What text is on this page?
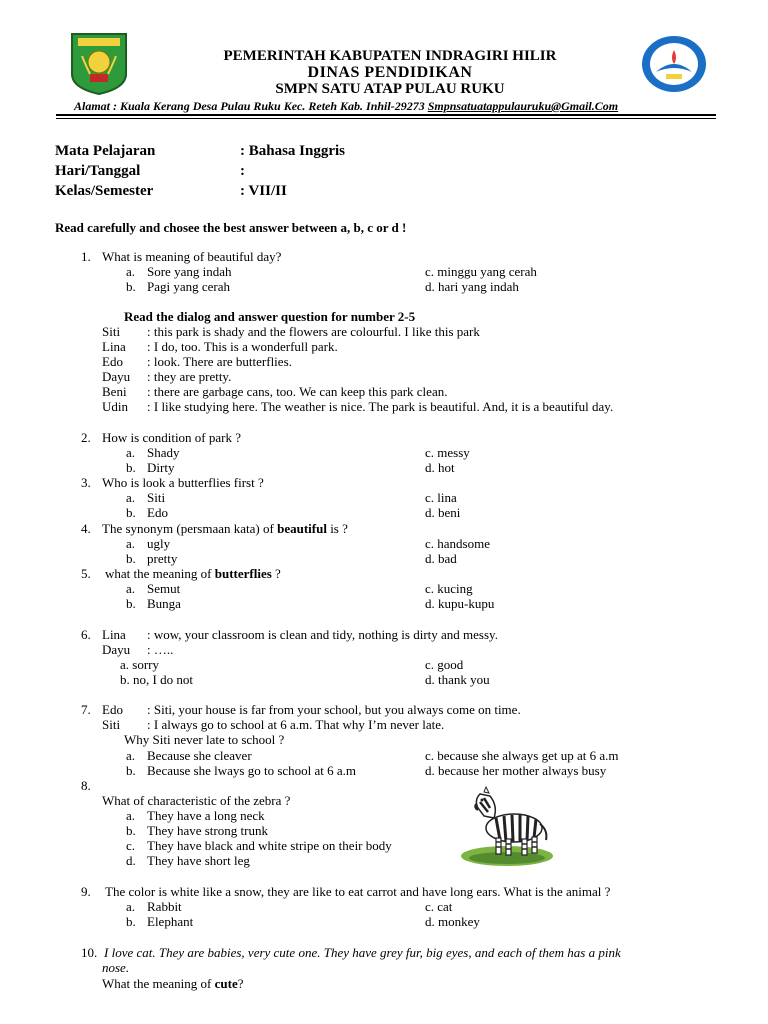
PEMERINTAH KABUPATEN INDRAGIRI HILIR
DINAS PENDIDIKAN
SMPN SATU ATAP PULAU RUKU
Alamat : Kuala Kerang Desa Pulau Ruku Kec. Reteh Kab. Inhil-29273 Smpnsatuatappulauruku@Gmail.Com
Mata Pelajaran	: Bahasa Inggris
Hari/Tanggal	:
Kelas/Semester	: VII/II
Read carefully and chosee the best answer between a, b, c or d !
1. What is meaning of beautiful day?
a. Sore yang indah
b. Pagi yang cerah
c. minggu yang cerah
d. hari yang indah
Read the dialog and answer question for number 2-5
Siti : this park is shady and the flowers are colourful. I like this park
Lina : I do, too. This is a wonderfull park.
Edo : look. There are butterflies.
Dayu : they are pretty.
Beni : there are garbage cans, too. We can keep this park clean.
Udin : I like studying here. The weather is nice. The park is beautiful. And, it is a beautiful day.
2. How is condition of park ?
a. Shady
b. Dirty
c. messy
d. hot
3. Who is look a butterflies first ?
a. Siti
b. Edo
c. lina
d. beni
4. The synonym (persmaan kata) of beautiful is ?
a. ugly
b. pretty
c. handsome
d. bad
5. what the meaning of butterflies ?
a. Semut
b. Bunga
c. kucing
d. kupu-kupu
6. Lina : wow, your classroom is clean and tidy, nothing is dirty and messy.
Dayu : …..
a. sorry
b. no, I do not
c. good
d. thank you
7. Edo : Siti, your house is far from your school, but you always come on time.
Siti : I always go to school at 6 a.m. That why I’m never late.
Why Siti never late to school ?
a. Because she cleaver
b. Because she lways go to school at 6 a.m
c. because she always get up at 6 a.m
d. because her mother always busy
8.
What of characteristic of the zebra ?
a. They have a long neck
b. They have strong trunk
c. They have black and white stripe on their body
d. They have short leg
9. The color is white like a snow, they are like to eat carrot and have long ears. What is the animal ?
a. Rabbit
b. Elephant
c. cat
d. monkey
10. I love cat. They are babies, very cute one. They have grey fur, big eyes, and each of them has a pink
nose.
What the meaning of cute?
